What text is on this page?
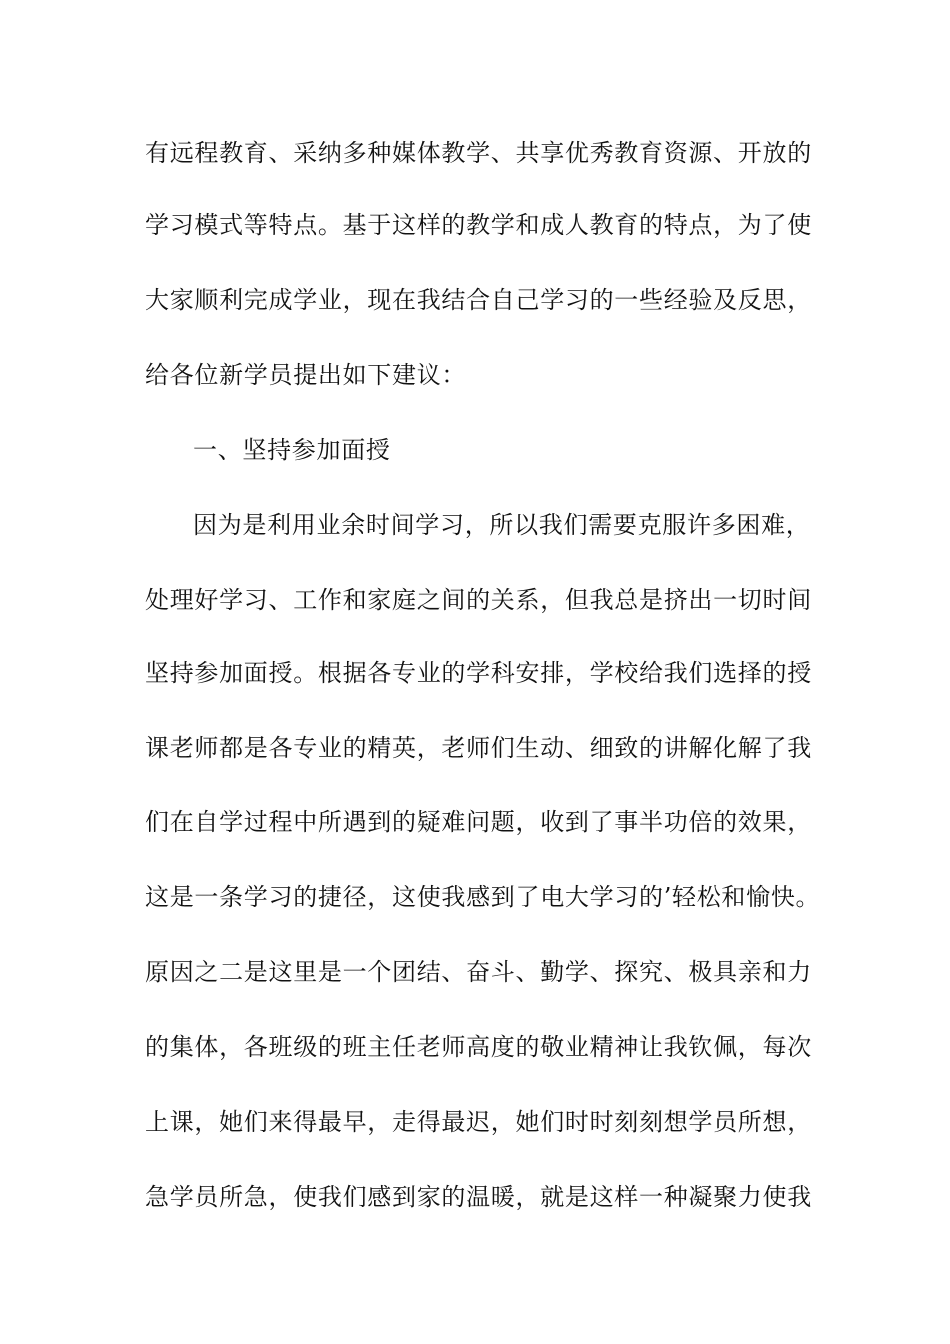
有远程教育、采纳多种媒体教学、共享优秀教育资源、开放的
学习模式等特点。基于这样的教学和成人教育的特点，为了使
大家顺利完成学业，现在我结合自己学习的一些经验及反思，
给各位新学员提出如下建议：
一、坚持参加面授
因为是利用业余时间学习，所以我们需要克服许多困难，
处理好学习、工作和家庭之间的关系，但我总是挤出一切时间
坚持参加面授。根据各专业的学科安排，学校给我们选择的授
课老师都是各专业的精英，老师们生动、细致的讲解化解了我
们在自学过程中所遇到的疑难问题，收到了事半功倍的效果，
这是一条学习的捷径，这使我感到了电大学习的’轻松和愉快。
原因之二是这里是一个团结、奋斗、勤学、探究、极具亲和力
的集体，各班级的班主任老师高度的敬业精神让我钦佩，每次
上课，她们来得最早，走得最迟，她们时时刻刻想学员所想，
急学员所急，使我们感到家的温暖，就是这样一种凝聚力使我
